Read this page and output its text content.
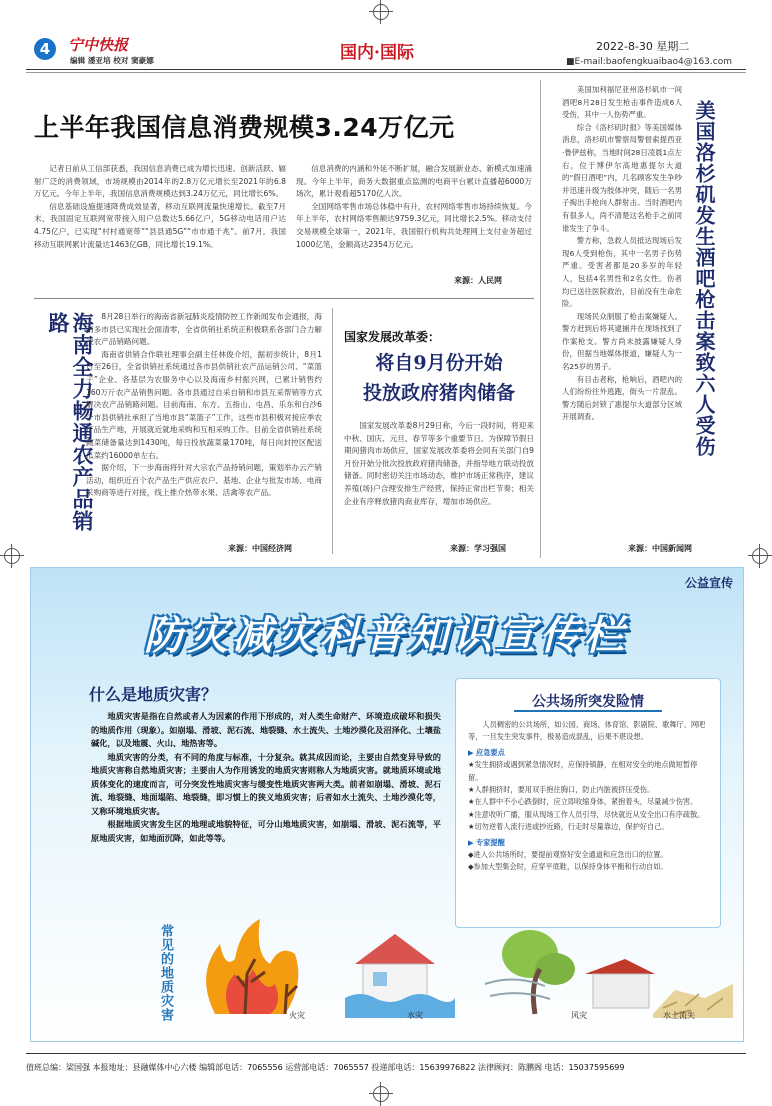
4	宁中快报
编辑 潘亚培 校对 窦豪娜	国内·国际	2022-8-30 星期二
■E-mail:baofengkuaibao4@163.com
上半年我国信息消费规模3.24万亿元

记者日前从工信部获悉，我国信息消费已成为增长迅速、创新活跃、辐射广泛的消费领域，市场规模由2014年的2.8万亿元增长至2021年的6.8万亿元。今年上半年，我国信息消费规模达到3.24万亿元，同比增长6%。

信息基础设施提速降费成效显著，移动互联网流量快速增长。截至7月末，我国固定互联网宽带接入用户总数达5.66亿户，5G移动电话用户达4.75亿户，已实现“村村通宽带”“县县通5G”“市市通千兆”。前7月，我国移动互联网累计流量达1463亿GB，同比增长19.1%。

信息消费的内涵和外延不断扩展，融合发展新业态、新模式加速涌现。今年上半年，商务大数据重点监测的电商平台累计直播超6000万场次，累计观看超5170亿人次。

全国网络零售市场总体稳中有升，农村网络零售市场持续恢复。今年上半年，农村网络零售额达9759.3亿元，同比增长2.5%。移动支付交易规模全球第一，2021年，我国银行机构共处理网上支付业务超过1000亿笔，金额高达2354万亿元。

来源：人民网
海南全力畅通农产品销路	8月28日举行的海南省新冠肺炎疫情防控工作新闻发布会通报，海南多市县已实现社会面清零，全省供销社系统正积极联系各部门合力解决农产品销路问题。

海南省供销合作联社理事会副主任林俊介绍，据初步统计，8月1日至26日，全省供销社系统通过各市县供销社农产品运销公司、“菜篮子”企业、各基层为农服务中心以及海南乡村振兴网，已累计销售约160万斤农产品销售问题。各市县通过自采自销和市县互采帮销等方式解决农产品销路问题。目前海南、东方、五指山、屯昌、乐东和白沙6个市县供销社承担了当地市县“菜篮子”工作，这些市县积极对接应季农产品生产地，开展就近就地采购和互相采购工作。目前全省供销社系统蔬菜储备量达到1430吨，每日投放蔬菜量170吨，每日向封控区配送瓜菜约16000单左右。

据介绍，下一步海南将针对大宗农产品持销问题，策划举办云产销活动，组织近百个农产品生产供应农户、基地、企业与批发市场、电商采购商等进行对接，线上推介热带水果、活禽等农产品。

来源：中国经济网
国家发展改革委：
将自9月份开始
投放政府猪肉储备

国家发展改革委8月29日称，今后一段时间，将迎来中秋、国庆、元旦、春节等多个重要节日。为保障节假日期间猪肉市场供应，国家发展改革委将会同有关部门自9月份开始分批次投放政府猪肉储备，并指导地方联动投放储备。同时密切关注市场动态，维护市场正常秩序，建议养殖(场)户合理安排生产经营，保持正常出栏节奏；相关企业有序释放猪肉商业库存，增加市场供应。

来源：学习强国

美国加利福尼亚州洛杉矶市一间酒吧8月28日发生枪击事件造成6人受伤，其中一人伤势严重。

综合《洛杉矶时报》等美国媒体消息，洛杉矶市警察局警督索提西亚·鲁伊兹称，当地时间28日凌晨1点左右，位于博伊尔高地惠提尔大道的“假日酒吧”内，几名顾客发生争吵并迅速升级为肢体冲突，随后一名男子掏出手枪向人群射击。当时酒吧内有很多人，尚不清楚这名枪手之前同谁发生了争斗。

警方称，急救人员抵达现场后发现6人受到枪伤，其中一名男子伤势严重。受害者都是20多岁的年轻人，包括4名男性和2名女性。伤者均已送往医院救治，目前没有生命危险。

现场民众制服了枪击案嫌疑人。警方赶到后将其逮捕并在现场找到了作案枪支。警方尚未披露嫌疑人身份，但据当地媒体报道，嫌疑人为一名25岁的男子。

有目击者称，枪响后，酒吧内的人们纷纷往外逃跑，街头一片混乱。警方随后封锁了惠提尔大道部分区域开展调查。	美国洛杉矶发生酒吧枪击案致六人受伤
来源：中国新闻网
公益宣传
防灾减灾科普知识宣传栏
什么是地质灾害？

地质灾害是指在自然或者人为因素的作用下形成的，对人类生命财产、环境造成破坏和损失的地质作用（现象）。如崩塌、滑坡、泥石流、地裂缝、水土流失、土地沙漠化及沼泽化、土壤盐碱化，以及地震、火山、地热害等。

地质灾害的分类，有不同的角度与标准，十分复杂。就其成因而论，主要由自然变异导致的地质灾害称自然地质灾害；主要由人为作用诱发的地质灾害则称人为地质灾害。就地质环境或地质体变化的速度而言，可分突发性地质灾害与缓变性地质灾害两大类。前者如崩塌、滑坡、泥石流、地裂缝、地面塌陷、地裂缝，即习惯上的狭义地质灾害；后者如水土流失、土地沙漠化等，又称环境地质灾害。

根据地质灾害发生区的地理或地貌特征，可分山地地质灾害，如崩塌、滑坡、泥石流等，平原地质灾害，如地面沉降，如此等等。

公共场所突发险情

人员稠密的公共场所，如公园、商场、体育馆、影剧院、歌舞厅、网吧等，一旦发生突发事件，极易造成混乱，后果不堪设想。

▶ 应急要点

★发生拥挤或遇到紧急情况时，应保持镇静，在相对安全的地点做短暂停留。

★人群拥挤时，要用双手抱住胸口，防止内脏被挤压受伤。

★在人群中不小心跌倒时，应立即收缩身体，紧抱着头，尽量减少伤害。

★注意收听广播，服从现场工作人员引导，尽快就近从安全出口有序疏散。

★切勿逆着人流行进或抄近路，行走时尽量靠边，保护好自己。

▶ 专家提醒

◆进入公共场所时，要提前观察好安全通道和应急出口的位置。

◆参加大型集会时，应穿平底鞋，以保持身体平衡和行动自如。

常见的地质灾害	火灾	水灾	风灾	水土流失
值班总编：梁国强 本报地址：县融媒体中心六楼 编辑部电话：7065556 运营部电话：7065557 投递部电话：15639976822 法律顾问：陈鹏阁 电话：15037595699
